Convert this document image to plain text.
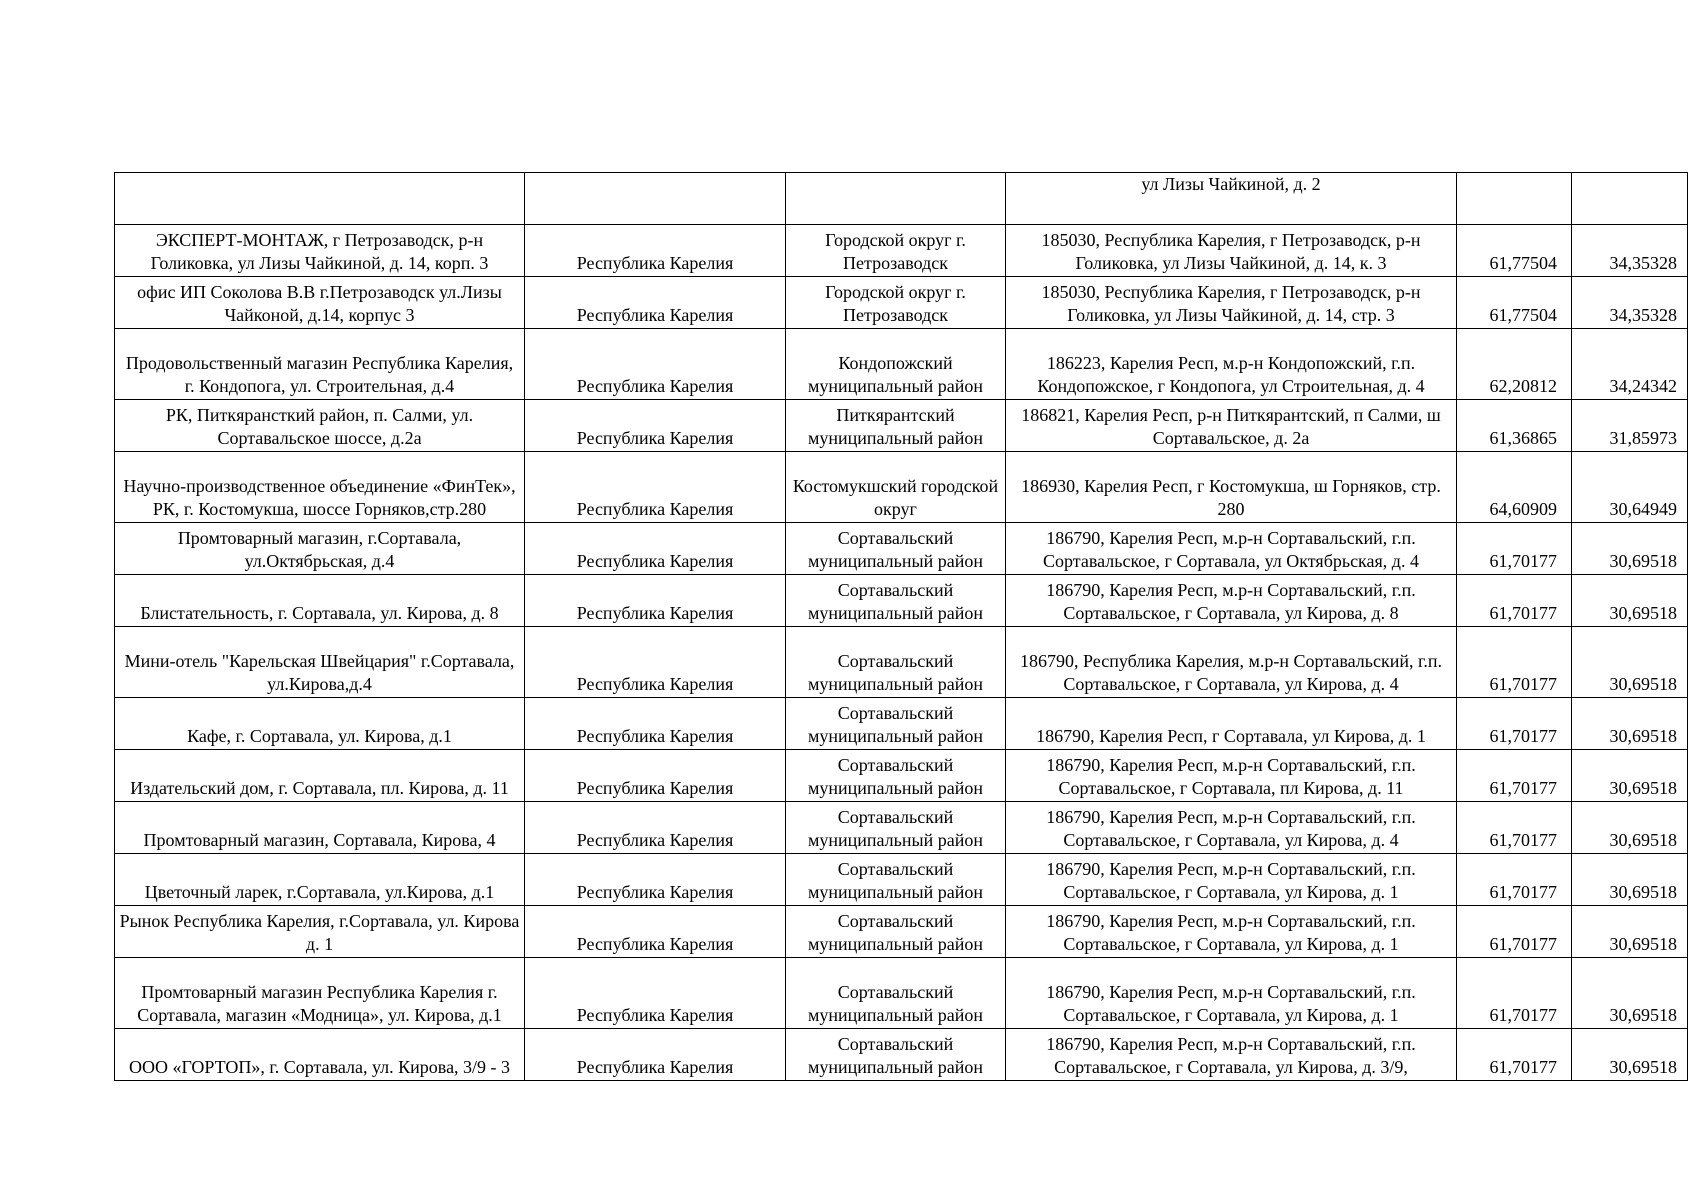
			ул Лизы Чайкиной, д. 2		
ЭКСПЕРТ-МОНТАЖ, г Петрозаводск, р-н Голиковка, ул Лизы Чайкиной, д. 14, корп. 3	Республика Карелия	Городской округ г. Петрозаводск	185030, Республика Карелия, г Петрозаводск, р-н Голиковка, ул Лизы Чайкиной, д. 14, к. 3	61,77504	34,35328
офис ИП Соколова В.В г.Петрозаводск ул.Лизы Чайконой, д.14, корпус 3	Республика Карелия	Городской округ г. Петрозаводск	185030, Республика Карелия, г Петрозаводск, р-н Голиковка, ул Лизы Чайкиной, д. 14, стр. 3	61,77504	34,35328
Продовольственный магазин Республика Карелия, г. Кондопога, ул. Строительная, д.4	Республика Карелия	Кондопожский муниципальный район	186223, Карелия Респ, м.р-н Кондопожский, г.п. Кондопожское, г Кондопога, ул Строительная, д. 4	62,20812	34,24342
РК, Питкярансткий район, п. Салми, ул. Сортавальское шоссе, д.2а	Республика Карелия	Питкярантский муниципальный район	186821, Карелия Респ, р-н Питкярантский, п Салми, ш Сортавальское, д. 2а	61,36865	31,85973
Научно-производственное объединение «ФинТек», РК, г. Костомукша, шоссе Горняков,стр.280	Республика Карелия	Костомукшский городской округ	186930, Карелия Респ, г Костомукша, ш Горняков, стр. 280	64,60909	30,64949
Промтоварный магазин, г.Сортавала, ул.Октябрьская, д.4	Республика Карелия	Сортавальский муниципальный район	186790, Карелия Респ, м.р-н Сортавальский, г.п. Сортавальское, г Сортавала, ул Октябрьская, д. 4	61,70177	30,69518
Блистательность, г. Сортавала, ул. Кирова, д. 8	Республика Карелия	Сортавальский муниципальный район	186790, Карелия Респ, м.р-н Сортавальский, г.п. Сортавальское, г Сортавала, ул Кирова, д. 8	61,70177	30,69518
Мини-отель "Карельская Швейцария" г.Сортавала, ул.Кирова,д.4	Республика Карелия	Сортавальский муниципальный район	186790, Республика Карелия, м.р-н Сортавальский, г.п. Сортавальское, г Сортавала, ул Кирова, д. 4	61,70177	30,69518
Кафе, г. Сортавала, ул. Кирова, д.1	Республика Карелия	Сортавальский муниципальный район	186790, Карелия Респ, г Сортавала, ул Кирова, д. 1	61,70177	30,69518
Издательский дом, г. Сортавала, пл. Кирова, д. 11	Республика Карелия	Сортавальский муниципальный район	186790, Карелия Респ, м.р-н Сортавальский, г.п. Сортавальское, г Сортавала, пл Кирова, д. 11	61,70177	30,69518
Промтоварный магазин, Сортавала, Кирова, 4	Республика Карелия	Сортавальский муниципальный район	186790, Карелия Респ, м.р-н Сортавальский, г.п. Сортавальское, г Сортавала, ул Кирова, д. 4	61,70177	30,69518
Цветочный ларек, г.Сортавала, ул.Кирова, д.1	Республика Карелия	Сортавальский муниципальный район	186790, Карелия Респ, м.р-н Сортавальский, г.п. Сортавальское, г Сортавала, ул Кирова, д. 1	61,70177	30,69518
Рынок Республика Карелия, г.Сортавала, ул. Кирова д. 1	Республика Карелия	Сортавальский муниципальный район	186790, Карелия Респ, м.р-н Сортавальский, г.п. Сортавальское, г Сортавала, ул Кирова, д. 1	61,70177	30,69518
Промтоварный магазин Республика Карелия г. Сортавала, магазин «Модница», ул. Кирова, д.1	Республика Карелия	Сортавальский муниципальный район	186790, Карелия Респ, м.р-н Сортавальский, г.п. Сортавальское, г Сортавала, ул Кирова, д. 1	61,70177	30,69518
ООО «ГОРТОП», г. Сортавала, ул. Кирова, 3/9 - 3	Республика Карелия	Сортавальский муниципальный район	186790, Карелия Респ, м.р-н Сортавальский, г.п. Сортавальское, г Сортавала, ул Кирова, д. 3/9,	61,70177	30,69518
